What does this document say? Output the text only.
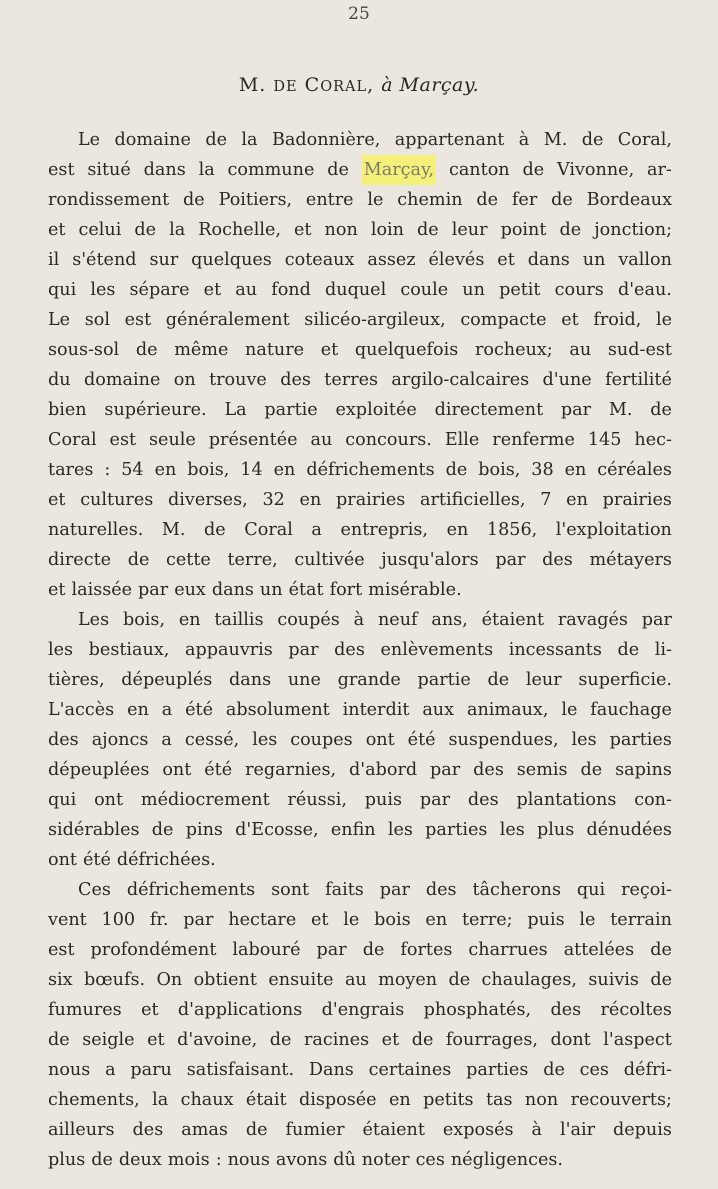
25
M. DE CORAL, à Marçay.
Le domaine de la Badonnière, appartenant à M. de Coral,
est situé dans la commune de Marçay, canton de Vivonne, ar-
rondissement de Poitiers, entre le chemin de fer de Bordeaux
et celui de la Rochelle, et non loin de leur point de jonction;
il s'étend sur quelques coteaux assez élevés et dans un vallon
qui les sépare et au fond duquel coule un petit cours d'eau.
Le sol est généralement silicéo-argileux, compacte et froid, le
sous-sol de même nature et quelquefois rocheux; au sud-est
du domaine on trouve des terres argilo-calcaires d'une fertilité
bien supérieure. La partie exploitée directement par M. de
Coral est seule présentée au concours. Elle renferme 145 hec-
tares : 54 en bois, 14 en défrichements de bois, 38 en céréales
et cultures diverses, 32 en prairies artificielles, 7 en prairies
naturelles. M. de Coral a entrepris, en 1856, l'exploitation
directe de cette terre, cultivée jusqu'alors par des métayers
et laissée par eux dans un état fort misérable.
Les bois, en taillis coupés à neuf ans, étaient ravagés par
les bestiaux, appauvris par des enlèvements incessants de li-
tières, dépeuplés dans une grande partie de leur superficie.
L'accès en a été absolument interdit aux animaux, le fauchage
des ajoncs a cessé, les coupes ont été suspendues, les parties
dépeuplées ont été regarnies, d'abord par des semis de sapins
qui ont médiocrement réussi, puis par des plantations con-
sidérables de pins d'Ecosse, enfin les parties les plus dénudées
ont été défrichées.
Ces défrichements sont faits par des tâcherons qui reçoi-
vent 100 fr. par hectare et le bois en terre; puis le terrain
est profondément labouré par de fortes charrues attelées de
six bœufs. On obtient ensuite au moyen de chaulages, suivis de
fumures et d'applications d'engrais phosphatés, des récoltes
de seigle et d'avoine, de racines et de fourrages, dont l'aspect
nous a paru satisfaisant. Dans certaines parties de ces défri-
chements, la chaux était disposée en petits tas non recouverts;
ailleurs des amas de fumier étaient exposés à l'air depuis
plus de deux mois : nous avons dû noter ces négligences.
